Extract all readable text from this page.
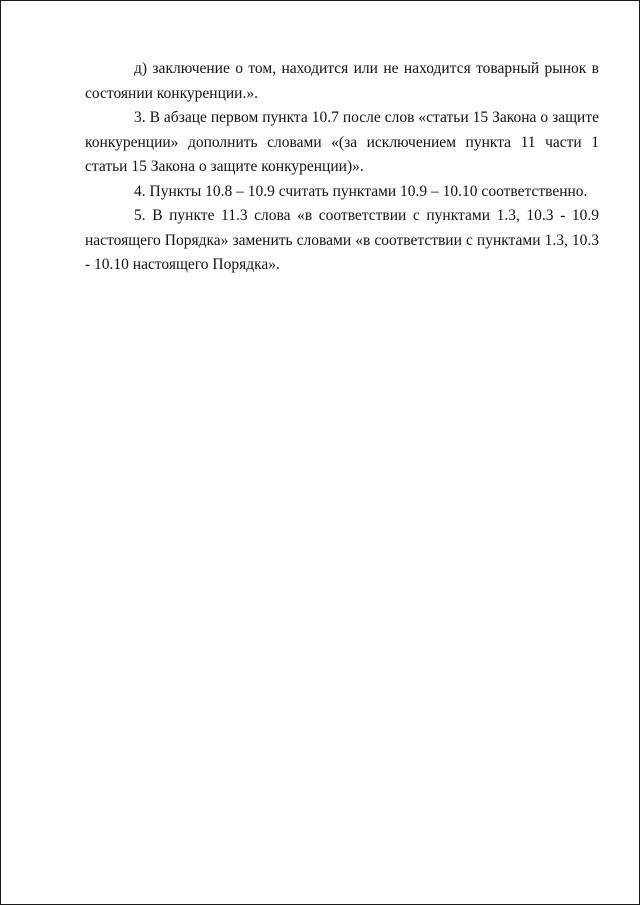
д) заключение о том, находится или не находится товарный рынок в состоянии конкуренции.».

3. В абзаце первом пункта 10.7 после слов «статьи 15 Закона о защите конкуренции» дополнить словами «(за исключением пункта 11 части 1 статьи 15 Закона о защите конкуренции)».

4. Пункты 10.8 – 10.9 считать пунктами 10.9 – 10.10 соответственно.

5. В пункте 11.3 слова «в соответствии с пунктами 1.3, 10.3 - 10.9 настоящего Порядка» заменить словами «в соответствии с пунктами 1.3, 10.3 - 10.10 настоящего Порядка».
